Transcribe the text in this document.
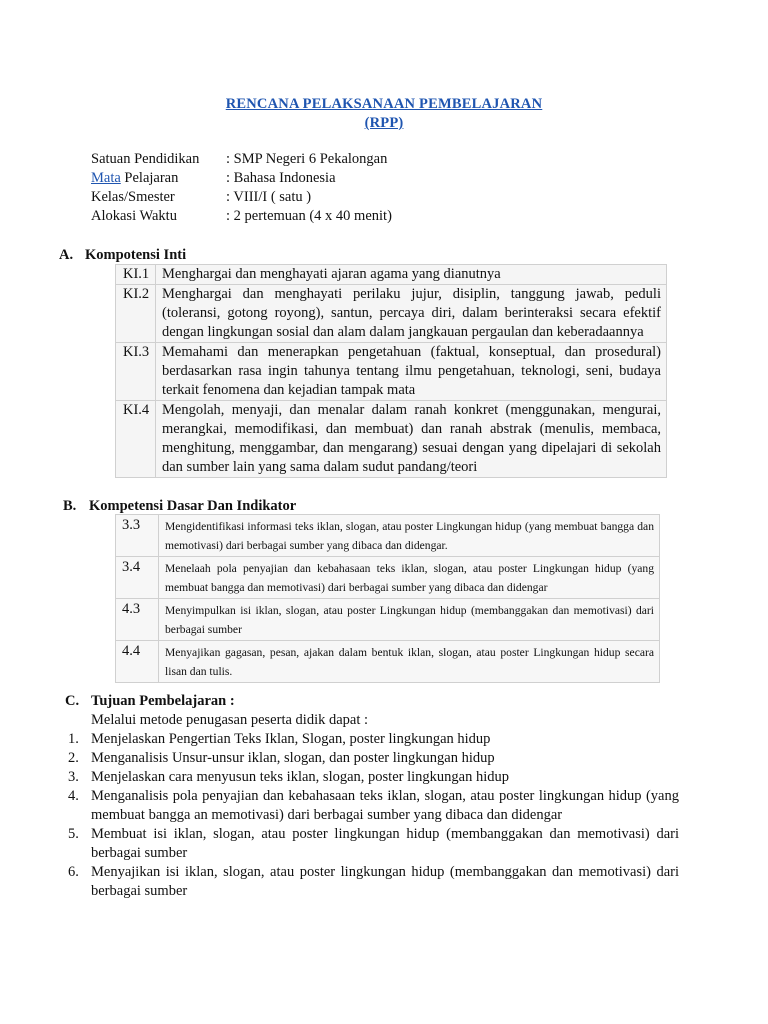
RENCANA PELAKSANAAN PEMBELAJARAN
(RPP)
Satuan Pendidikan : SMP Negeri 6 Pekalongan
Mata Pelajaran	: Bahasa Indonesia
Kelas/Smester	: VIII/I ( satu )
Alokasi Waktu	: 2 pertemuan (4 x 40 menit)
A. Kompotensi Inti
KI.1	Menghargai dan menghayati ajaran agama yang dianutnya
KI.2	Menghargai dan menghayati perilaku jujur, disiplin, tanggung jawab, peduli (toleransi, gotong royong), santun, percaya diri, dalam berinteraksi secara efektif dengan lingkungan sosial dan alam dalam jangkauan pergaulan dan keberadaannya
KI.3	Memahami dan menerapkan pengetahuan (faktual, konseptual, dan prosedural) berdasarkan rasa ingin tahunya tentang ilmu pengetahuan, teknologi, seni, budaya terkait fenomena dan kejadian tampak mata
KI.4	Mengolah, menyaji, dan menalar dalam ranah konkret (menggunakan, mengurai, merangkai, memodifikasi, dan membuat) dan ranah abstrak (menulis, membaca, menghitung, menggambar, dan mengarang) sesuai dengan yang dipelajari di sekolah dan sumber lain yang sama dalam sudut pandang/teori
B. Kompetensi Dasar Dan Indikator
3.3	Mengidentifikasi informasi teks iklan, slogan, atau poster Lingkungan hidup (yang membuat bangga dan memotivasi) dari berbagai sumber yang dibaca dan didengar.
3.4	Menelaah pola penyajian dan kebahasaan teks iklan, slogan, atau poster Lingkungan hidup (yang membuat bangga dan memotivasi) dari berbagai sumber yang dibaca dan didengar
4.3	Menyimpulkan isi iklan, slogan, atau poster Lingkungan hidup (membanggakan dan memotivasi) dari berbagai sumber
4.4	Menyajikan gagasan, pesan, ajakan dalam bentuk iklan, slogan, atau poster Lingkungan hidup secara lisan dan tulis.
C. Tujuan Pembelajaran :
Melalui metode penugasan peserta didik dapat :
1. Menjelaskan Pengertian Teks Iklan, Slogan, poster lingkungan hidup
2. Menganalisis Unsur-unsur iklan, slogan, dan poster lingkungan hidup
3. Menjelaskan cara menyusun teks iklan, slogan, poster lingkungan hidup
4. Menganalisis pola penyajian dan kebahasaan teks iklan, slogan, atau poster lingkungan hidup (yang membuat bangga an memotivasi) dari berbagai sumber yang dibaca dan didengar
5. Membuat isi iklan, slogan, atau poster lingkungan hidup (membanggakan dan memotivasi) dari berbagai sumber
6. Menyajikan isi iklan, slogan, atau poster lingkungan hidup (membanggakan dan memotivasi) dari berbagai sumber
